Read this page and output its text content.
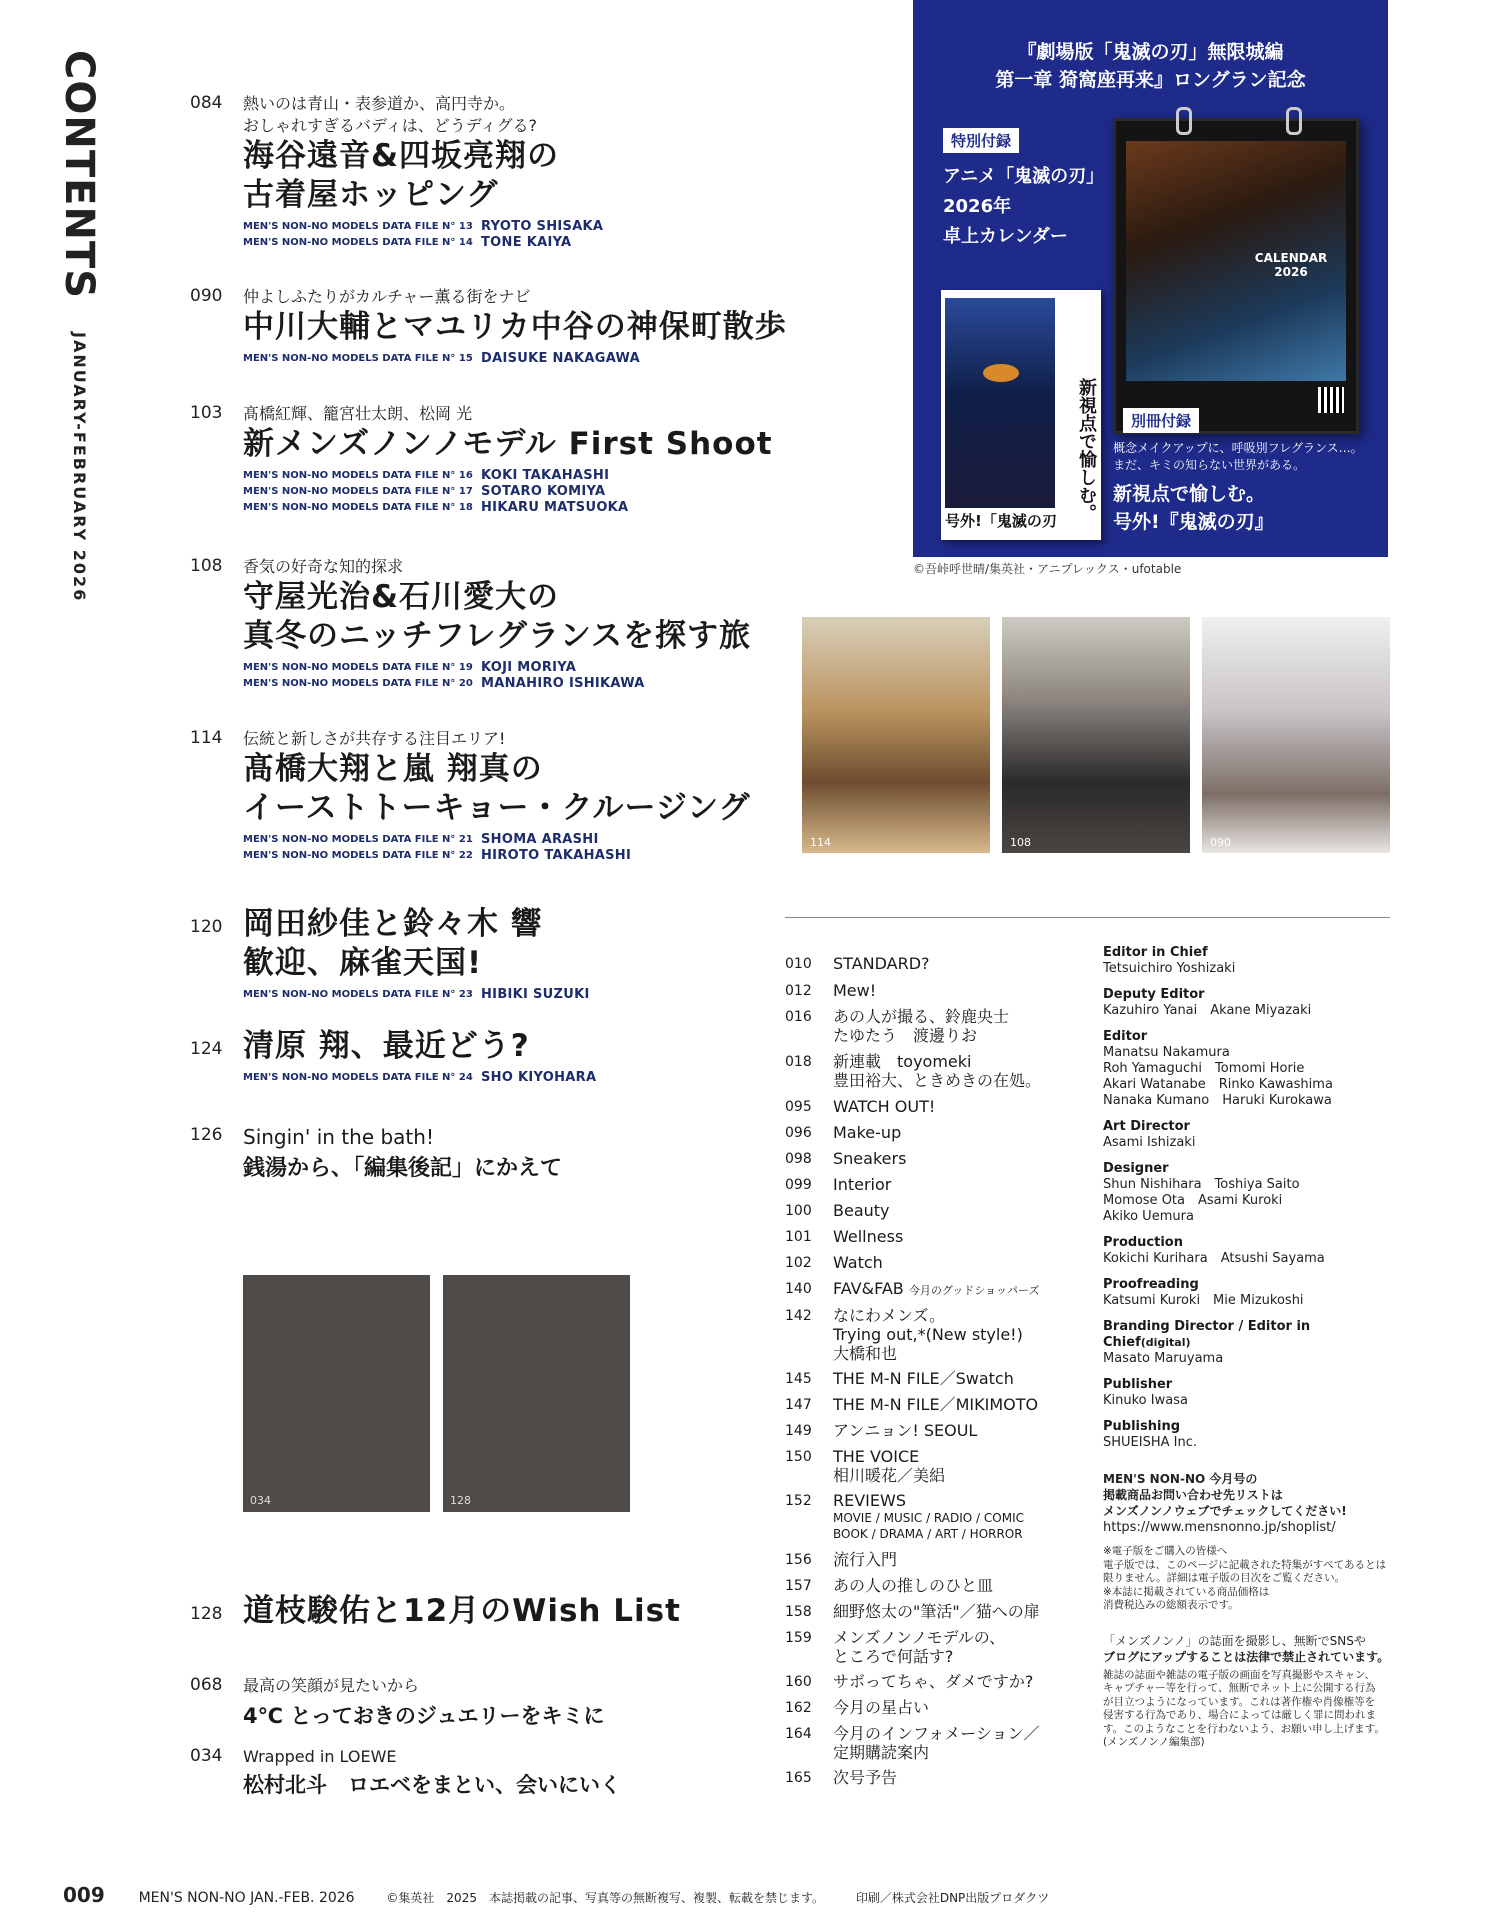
CONTENTS JANUARY-FEBRUARY 2026
084 熱いのは青山・表参道か、高円寺か。
おしゃれすぎるバディは、どうディグる?
海谷遠音&四坂亮翔の
古着屋ホッピング
MEN'S NON-NO MODELS DATA FILE N° 13 RYOTO SHISAKA
MEN'S NON-NO MODELS DATA FILE N° 14 TONE KAIYA
090 仲よしふたりがカルチャー薫る街をナビ
中川大輔とマユリカ中谷の神保町散歩
MEN'S NON-NO MODELS DATA FILE N° 15 DAISUKE NAKAGAWA
103 髙橋紅輝、籠宮壮太朗、松岡 光
新メンズノンノモデル First Shoot
MEN'S NON-NO MODELS DATA FILE N° 16 KOKI TAKAHASHI
MEN'S NON-NO MODELS DATA FILE N° 17 SOTARO KOMIYA
MEN'S NON-NO MODELS DATA FILE N° 18 HIKARU MATSUOKA
108 香気の好奇な知的探求
守屋光治&石川愛大の
真冬のニッチフレグランスを探す旅
MEN'S NON-NO MODELS DATA FILE N° 19 KOJI MORIYA
MEN'S NON-NO MODELS DATA FILE N° 20 MANAHIRO ISHIKAWA
114 伝統と新しさが共存する注目エリア!
髙橋大翔と嵐 翔真の
イーストトーキョー・クルージング
MEN'S NON-NO MODELS DATA FILE N° 21 SHOMA ARASHI
MEN'S NON-NO MODELS DATA FILE N° 22 HIROTO TAKAHASHI
120 岡田紗佳と鈴々木 響
歓迎、麻雀天国!
MEN'S NON-NO MODELS DATA FILE N° 23 HIBIKI SUZUKI
124 清原 翔、最近どう?
MEN'S NON-NO MODELS DATA FILE N° 24 SHO KIYOHARA
126 Singin' in the bath!
銭湯から、「編集後記」にかえて
034	128
128 道枝駿佑と12月のWish List
068 最高の笑顔が見たいから
4℃ とっておきのジュエリーをキミに
034 Wrapped in LOEWE
松村北斗　ロエベをまとい、会いにいく
『劇場版「鬼滅の刃」無限城編
第一章 猗窩座再来』ロングラン記念
特別付録
アニメ「鬼滅の刃」
2026年
卓上カレンダー
CALENDAR
2026
新視点で愉しむ。
号外!「鬼滅の刃
別冊付録
概念メイクアップに、呼吸別フレグランス…。
まだ、キミの知らない世界がある。
新視点で愉しむ。
号外!『鬼滅の刃』
©吾峠呼世晴/集英社・アニプレックス・ufotable
114	108	090
010	STANDARD?
012	Mew!
016	あの人が撮る、鈴鹿央士
たゆたう　渡邊りお
018	新連載　toyomeki
豊田裕大、ときめきの在処。
095	WATCH OUT!
096	Make-up
098	Sneakers
099	Interior
100	Beauty
101	Wellness
102	Watch
140	FAV&FAB 今月のグッドショッパーズ
142	なにわメンズ。
Trying out,*(New style!)
大橋和也
145	THE M-N FILE／Swatch
147	THE M-N FILE／MIKIMOTO
149	アンニョン! SEOUL
150	THE VOICE
相川暖花／美絽
152	REVIEWS
MOVIE / MUSIC / RADIO / COMIC
BOOK / DRAMA / ART / HORROR
156	流行入門
157	あの人の推しのひと皿
158	細野悠太の"筆活"／猫への扉
159	メンズノンノモデルの、
ところで何話す?
160	サボってちゃ、ダメですか?
162	今月の星占い
164	今月のインフォメーション／
定期購読案内
165	次号予告
Editor in Chief
Tetsuichiro Yoshizaki
Deputy Editor
Kazuhiro Yanai　Akane Miyazaki
Editor
Manatsu Nakamura
Roh Yamaguchi　Tomomi Horie
Akari Watanabe　Rinko Kawashima
Nanaka Kumano　Haruki Kurokawa
Art Director
Asami Ishizaki
Designer
Shun Nishihara　Toshiya Saito
Momose Ota　Asami Kuroki
Akiko Uemura
Production
Kokichi Kurihara　Atsushi Sayama
Proofreading
Katsumi Kuroki　Mie Mizukoshi
Branding Director / Editor in Chief(digital)
Masato Maruyama
Publisher
Kinuko Iwasa
Publishing
SHUEISHA Inc.
MEN'S NON-NO 今月号の
掲載商品お問い合わせ先リストは
メンズノンノウェブでチェックしてください!
https://www.mensnonno.jp/shoplist/
※電子版をご購入の皆様へ
電子版では、このページに記載された特集がすべてあるとは
限りません。詳細は電子版の目次をご覧ください。
※本誌に掲載されている商品価格は
消費税込みの総額表示です。
「メンズノンノ」の誌面を撮影し、無断でSNSや
ブログにアップすることは法律で禁止されています。
雑誌の誌面や雑誌の電子版の画面を写真撮影やスキャン、
キャプチャー等を行って、無断でネット上に公開する行為
が目立つようになっています。これは著作権や肖像権等を
侵害する行為であり、場合によっては厳しく罪に問われま
す。このようなことを行わないよう、お願い申し上げます。
(メンズノンノ編集部)
009 MEN'S NON-NO JAN.-FEB. 2026	©集英社　2025　本誌掲載の記事、写真等の無断複写、複製、転載を禁じます。	印刷／株式会社DNP出版プロダクツ
